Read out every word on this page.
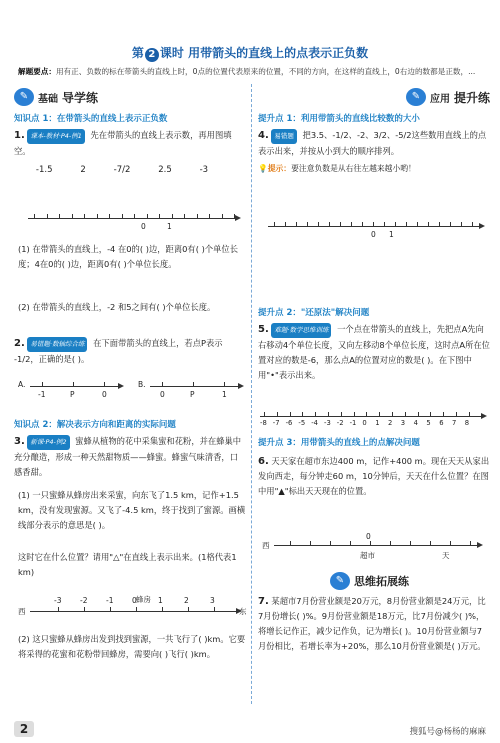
第 2 课时 用带箭头的直线上的点表示正负数
解题要点：用有正、负数的标在带箭头的直线上时，0点的位置代表原来的位置，不同的方向，在这样的直线上，0右边的数都是正数，...
✎ 基础 导学练
知识点 1：在带箭头的直线上表示正负数
1. 课本-教材·P4-例1 先在带箭头的直线上表示数，再用图填空。
-1.5	2	-7/2	2.5	-3
0	1
(1) 在带箭头的直线上，-4 在0的( )边，距离0有( )个单位长度；4在0的( )边，距离0有( )个单位长度。
(2) 在带箭头的直线上，-2 和5之间有( )个单位长度。
2. 易错题·数轴综合练 在下面带箭头的直线上，若点P表示 -1/2，正确的是( )。
A.
-1	P	0
B.
0	P	1
知识点 2：解决表示方向和距离的实际问题
3. 新课·P4-例2 蜜蜂从植物的花中采集蜜和花粉，并在蜂巢中充分酿造，形成一种天然甜物质——蜂蜜。蜂蜜气味清香，口感香甜。
(1) 一只蜜蜂从蜂房出来采蜜，向东飞了1.5 km，记作+1.5 km，没有发现蜜源。又飞了-4.5 km，终于找到了蜜源。画横线部分表示的意思是( )。
这时它在什么位置？请用"△"在直线上表示出来。(1格代表1 km)
蜂房
西	东
-3 -2 -1 0	1	2	3
(2) 这只蜜蜂从蜂房出发到找到蜜源，一共飞行了( )km。它要将采得的花蜜和花粉带回蜂房，需要向( )飞行( )km。
✎ 应用 提升练
提升点 1：利用带箭头的直线比较数的大小
4. 易错题 把3.5、-1/2、-2、3/2、-5/2这些数用直线上的点表示出来，并按从小到大的顺序排列。
💡提示：要注意负数是从右往左越来越小哟！
0 1
提升点 2："还原法"解决问题
5. 难题·数学思维训练 一个点在带箭头的直线上，先把点A先向右移动4个单位长度，又向左移动8个单位长度，这时点A所在位置对应的数是-6，那么点A的位置对应的数是( )。在下图中用"•"表示出来。
-8 -7 -6 -5 -4 -3 -2 -1 0 1 2 3 4 5 6 7 8
提升点 3：用带箭头的直线上的点解决问题
6. 天天家在超市东边400 m，记作+400 m。现在天天从家出发向西走，每分钟走60 m，10分钟后，天天在什么位置？在图中用"▲"标出天天现在的位置。
0
西
超市	天
✎ 思维拓展练
7. 某超市7月份营业额是20万元，8月份营业额是24万元，比7月份增长( )%。9月份营业额是18万元，比7月份减少( )%，将增长记作正，减少记作负，记为增长( )。10月份营业额与7月份相比，若增长率为+20%，那么10月份营业额是( )万元。
2	搜狐号@杨杨的麻麻
